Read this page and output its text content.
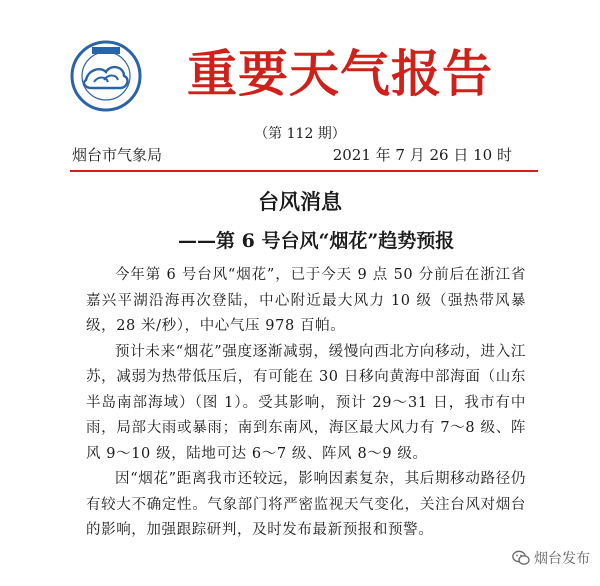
重要天气报告
（第 112 期）
烟台市气象局	2021 年 7 月 26 日 10 时
台风消息
——第 6 号台风“烟花”趋势预报

今年第 6 号台风“烟花”，已于今天 9 点 50 分前后在浙江省嘉兴平湖沿海再次登陆，中心附近最大风力 10 级（强热带风暴级，28 米/秒），中心气压 978 百帕。

预计未来“烟花”强度逐渐减弱，缓慢向西北方向移动，进入江苏，减弱为热带低压后，有可能在 30 日移向黄海中部海面（山东半岛南部海域）（图 1）。受其影响，预计 29～31 日，我市有中雨，局部大雨或暴雨；南到东南风，海区最大风力有 7～8 级、阵风 9～10 级，陆地可达 6～7 级、阵风 8～9 级。

因“烟花”距离我市还较远，影响因素复杂，其后期移动路径仍有较大不确定性。气象部门将严密监视天气变化，关注台风对烟台的影响，加强跟踪研判，及时发布最新预报和预警。

烟台发布
